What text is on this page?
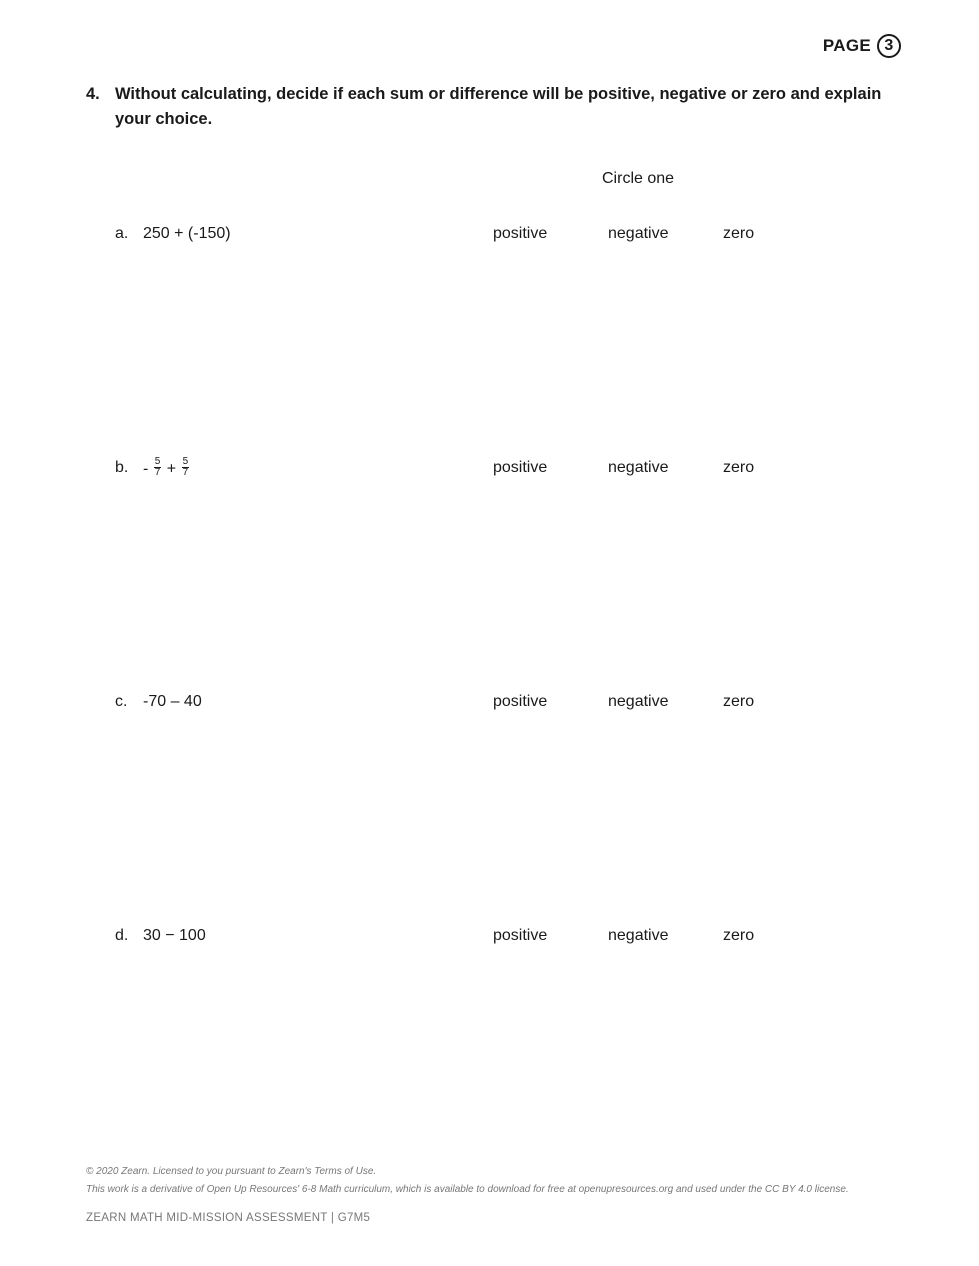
PAGE 3
4. Without calculating, decide if each sum or difference will be positive, negative or zero and explain your choice.
Circle one
a. 250 + (-150)	positive	negative	zero
b. - $\frac{5}{7} + \frac{5}{7}$	positive	negative	zero
c. -70 – 40	positive	negative	zero
d. 30 − 100	positive	negative	zero
© 2020 Zearn. Licensed to you pursuant to Zearn's Terms of Use.
This work is a derivative of Open Up Resources' 6-8 Math curriculum, which is available to download for free at openupresources.org and used under the CC BY 4.0 license.
ZEARN MATH MID-MISSION ASSESSMENT | G7M5
